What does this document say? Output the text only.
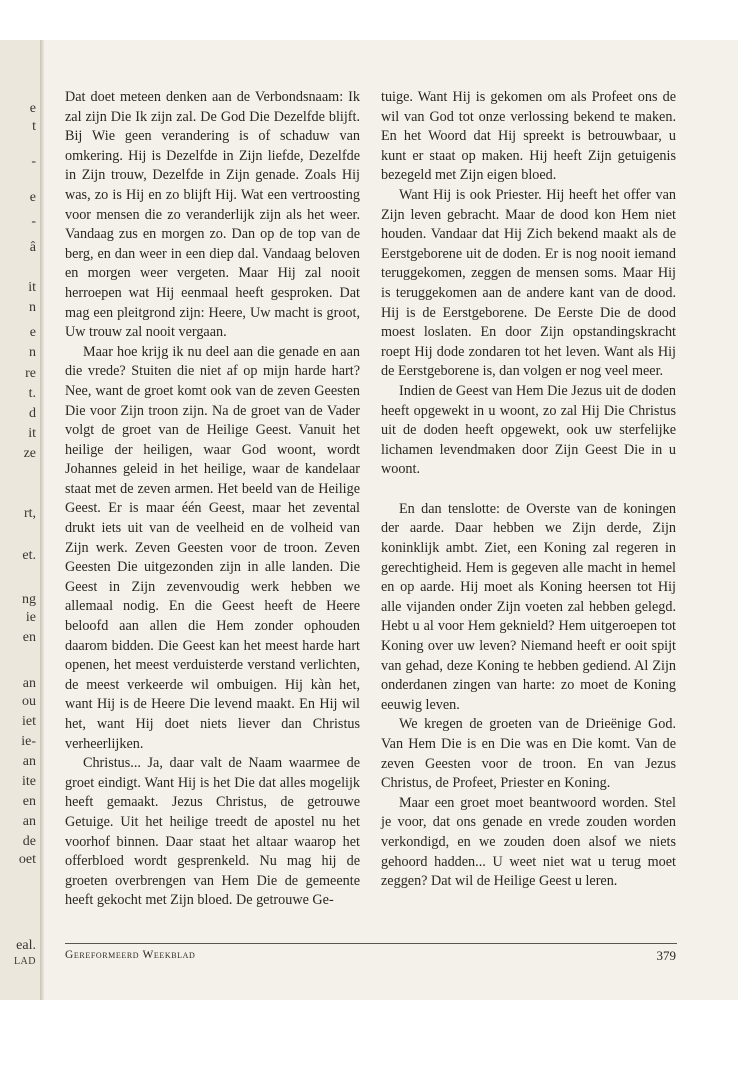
e
t
-
e
-
â
it
n
e
n
re
t.
d
it
ze
rt,
et.
ng
ie
en
an
ou
iet
ie-
an
ite
en
an
de
oet
eal.
LAD

Dat doet meteen denken aan de Verbondsnaam: Ik zal zijn Die Ik zijn zal. De God Die Dezelfde blijft. Bij Wie geen verandering is of schaduw van omkering. Hij is Dezelfde in Zijn liefde, Dezelfde in Zijn trouw, Dezelfde in Zijn genade. Zoals Hij was, zo is Hij en zo blijft Hij. Wat een vertroosting voor mensen die zo veranderlijk zijn als het weer. Vandaag zus en morgen zo. Dan op de top van de berg, en dan weer in een diep dal. Vandaag beloven en morgen weer vergeten. Maar Hij zal nooit herroepen wat Hij eenmaal heeft gesproken. Dat mag een pleitgrond zijn: Heere, Uw macht is groot, Uw trouw zal nooit vergaan.

Maar hoe krijg ik nu deel aan die genade en aan die vrede? Stuiten die niet af op mijn harde hart? Nee, want de groet komt ook van de zeven Geesten Die voor Zijn troon zijn. Na de groet van de Vader volgt de groet van de Heilige Geest. Vanuit het heilige der heiligen, waar God woont, wordt Johannes geleid in het heilige, waar de kandelaar staat met de zeven armen. Het beeld van de Heilige Geest. Er is maar één Geest, maar het zevental drukt iets uit van de veelheid en de volheid van Zijn werk. Zeven Geesten voor de troon. Zeven Geesten Die uitgezonden zijn in alle landen. Die Geest in Zijn zevenvoudig werk hebben we allemaal nodig. En die Geest heeft de Heere beloofd aan allen die Hem zonder ophouden daarom bidden. Die Geest kan het meest harde hart openen, het meest verduisterde verstand verlichten, de meest verkeerde wil ombuigen. Hij kàn het, want Hij is de Heere Die levend maakt. En Hij wil het, want Hij doet niets liever dan Christus verheerlijken.

Christus... Ja, daar valt de Naam waarmee de groet eindigt. Want Hij is het Die dat alles mogelijk heeft gemaakt. Jezus Christus, de getrouwe Getuige. Uit het heilige treedt de apostel nu het voorhof binnen. Daar staat het altaar waarop het offerbloed wordt gesprenkeld. Nu mag hij de groeten overbrengen van Hem Die de gemeente heeft gekocht met Zijn bloed. De getrouwe Ge-

tuige. Want Hij is gekomen om als Profeet ons de wil van God tot onze verlossing bekend te maken. En het Woord dat Hij spreekt is betrouwbaar, u kunt er staat op maken. Hij heeft Zijn getuigenis bezegeld met Zijn eigen bloed.

Want Hij is ook Priester. Hij heeft het offer van Zijn leven gebracht. Maar de dood kon Hem niet houden. Vandaar dat Hij Zich bekend maakt als de Eerstgeborene uit de doden. Er is nog nooit iemand teruggekomen, zeggen de mensen soms. Maar Hij is teruggekomen aan de andere kant van de dood. Hij is de Eerstgeborene. De Eerste Die de dood moest loslaten. En door Zijn opstandingskracht roept Hij dode zondaren tot het leven. Want als Hij de Eerstgeborene is, dan volgen er nog veel meer.

Indien de Geest van Hem Die Jezus uit de doden heeft opgewekt in u woont, zo zal Hij Die Christus uit de doden heeft opgewekt, ook uw sterfelijke lichamen levendmaken door Zijn Geest Die in u woont.

En dan tenslotte: de Overste van de koningen der aarde. Daar hebben we Zijn derde, Zijn koninklijk ambt. Ziet, een Koning zal regeren in gerechtigheid. Hem is gegeven alle macht in hemel en op aarde. Hij moet als Koning heersen tot Hij alle vijanden onder Zijn voeten zal hebben gelegd. Hebt u al voor Hem geknield? Hem uitgeroepen tot Koning over uw leven? Niemand heeft er ooit spijt van gehad, deze Koning te hebben gediend. Al Zijn onderdanen zingen van harte: zo moet de Koning eeuwig leven.

We kregen de groeten van de Drieënige God. Van Hem Die is en Die was en Die komt. Van de zeven Geesten voor de troon. En van Jezus Christus, de Profeet, Priester en Koning.

Maar een groet moet beantwoord worden. Stel je voor, dat ons genade en vrede zouden worden verkondigd, en we zouden doen alsof we niets gehoord hadden... U weet niet wat u terug moet zeggen? Dat wil de Heilige Geest u leren.

Gereformeerd Weekblad	379
